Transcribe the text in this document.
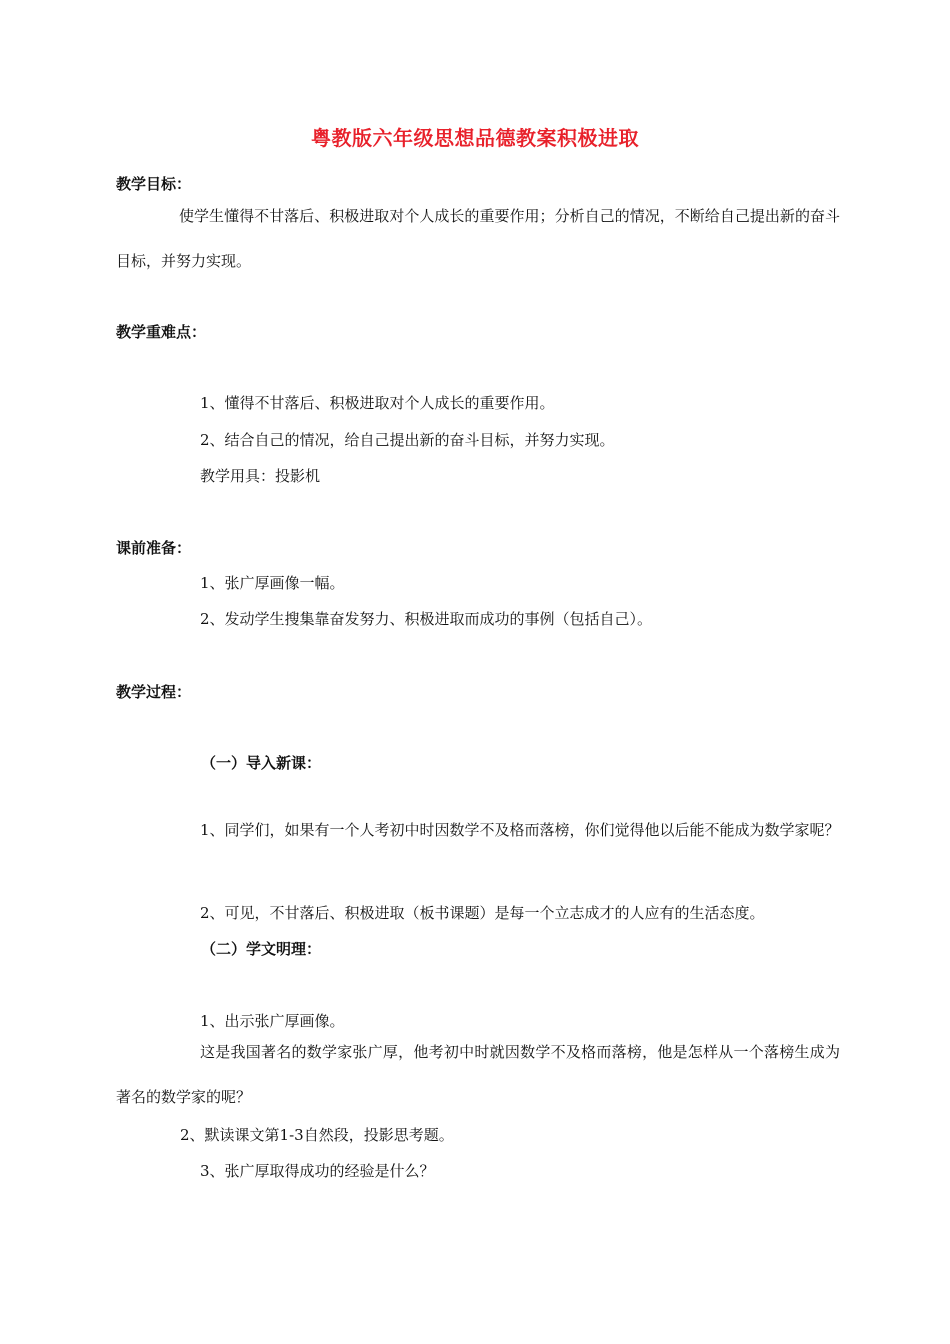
粤教版六年级思想品德教案积极进取
教学目标：

使学生懂得不甘落后、积极进取对个人成长的重要作用；分析自己的情况，不断给自己提出新的奋斗目标，并努力实现。

教学重难点：
1、懂得不甘落后、积极进取对个人成长的重要作用。
2、结合自己的情况，给自己提出新的奋斗目标，并努力实现。
教学用具：投影机
课前准备：
1、张广厚画像一幅。
2、发动学生搜集靠奋发努力、积极进取而成功的事例（包括自己）。
教学过程：
（一）导入新课：

1、同学们，如果有一个人考初中时因数学不及格而落榜，你们觉得他以后能不能成为数学家呢？

2、可见，不甘落后、积极进取（板书课题）是每一个立志成才的人应有的生活态度。
（二）学文明理：
1、出示张广厚画像。

这是我国著名的数学家张广厚，他考初中时就因数学不及格而落榜，他是怎样从一个落榜生成为著名的数学家的呢？

2、默读课文第1-3自然段，投影思考题。
3、张广厚取得成功的经验是什么？
